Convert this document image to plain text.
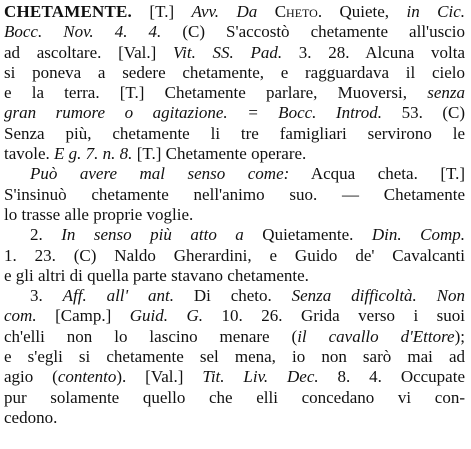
CHETAMENTE. [T.] Avv. Da Cheto. Quiete, in Cic.
Bocc. Nov. 4. 4. (C) S'accostò chetamente all'uscio
ad ascoltare. [Val.] Vit. SS. Pad. 3. 28. Alcuna volta
si poneva a sedere chetamente, e ragguardava il cielo
e la terra. [T.] Chetamente parlare, Muoversi, senza
gran rumore o agitazione. = Bocc. Introd. 53. (C)
Senza più, chetamente li tre famigliari servirono le
tavole. E g. 7. n. 8. [T.] Chetamente operare.
Può avere mal senso come: Acqua cheta. [T.]
S'insinuò chetamente nell'animo suo. — Chetamente
lo trasse alle proprie voglie.
2. In senso più atto a Quietamente. Din. Comp.
1. 23. (C) Naldo Gherardini, e Guido de' Cavalcanti
e gli altri di quella parte stavano chetamente.
3. Aff. all' ant. Di cheto. Senza difficoltà. Non
com. [Camp.] Guid. G. 10. 26. Grida verso i suoi
ch'elli non lo lascino menare (il cavallo d'Ettore);
e s'egli si chetamente sel mena, io non sarò mai ad
agio (contento). [Val.] Tit. Liv. Dec. 8. 4. Occupate
pur solamente quello che elli concedano vi con-
cedono.
